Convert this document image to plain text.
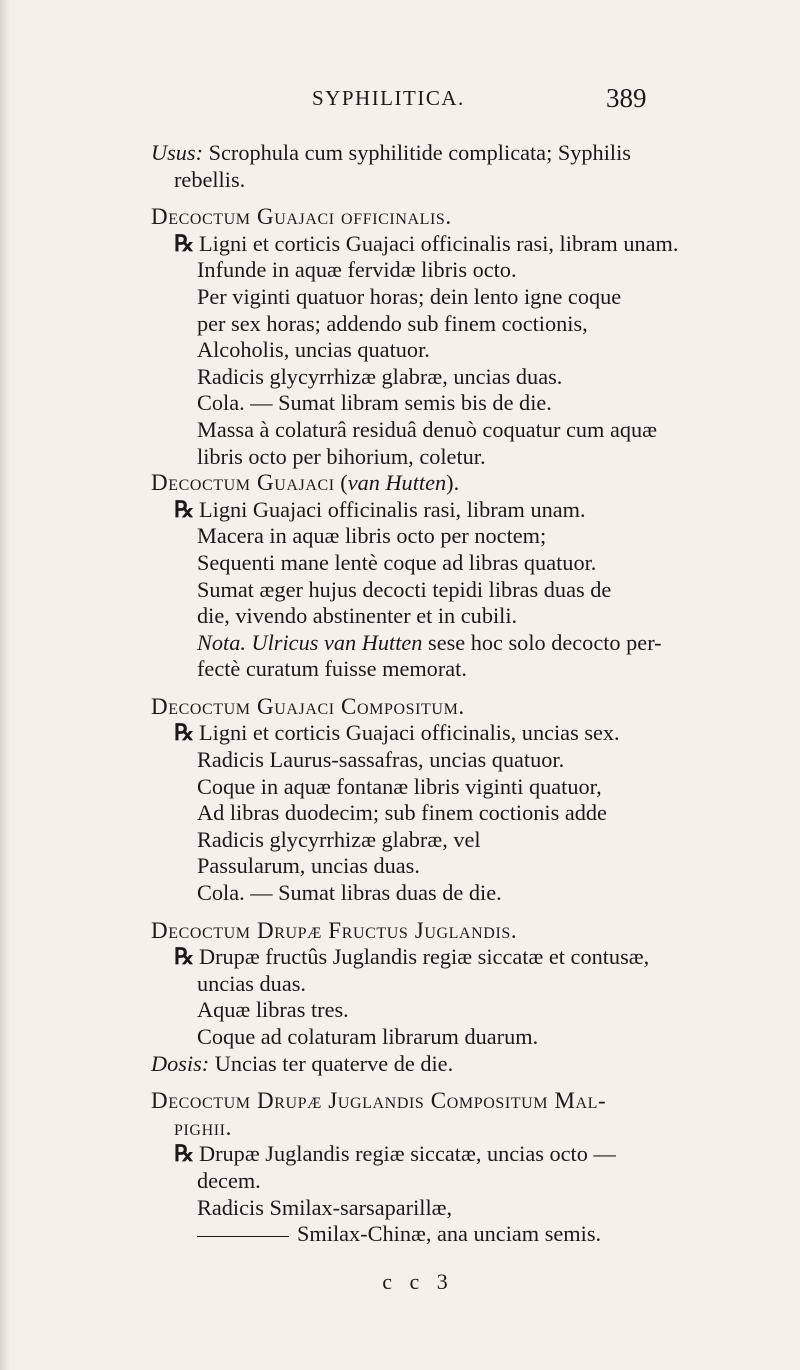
SYPHILITICA.	389
Usus: Scrophula cum syphilitide complicata; Syphilis
rebellis.
Decoctum Guajaci officinalis.
℞ Ligni et corticis Guajaci officinalis rasi, libram unam.
Infunde in aquæ fervidæ libris octo.
Per viginti quatuor horas; dein lento igne coque
per sex horas; addendo sub finem coctionis,
Alcoholis, uncias quatuor.
Radicis glycyrrhizæ glabræ, uncias duas.
Cola. — Sumat libram semis bis de die.
Massa à colaturâ residuâ denuò coquatur cum aquæ
libris octo per bihorium, coletur.
Decoctum Guajaci (van Hutten).
℞ Ligni Guajaci officinalis rasi, libram unam.
Macera in aquæ libris octo per noctem;
Sequenti mane lentè coque ad libras quatuor.
Sumat æger hujus decocti tepidi libras duas de
die, vivendo abstinenter et in cubili.
Nota. Ulricus van Hutten sese hoc solo decocto per-
fectè curatum fuisse memorat.
Decoctum Guajaci Compositum.
℞ Ligni et corticis Guajaci officinalis, uncias sex.
Radicis Laurus-sassafras, uncias quatuor.
Coque in aquæ fontanæ libris viginti quatuor,
Ad libras duodecim; sub finem coctionis adde
Radicis glycyrrhizæ glabræ, vel
Passularum, uncias duas.
Cola. — Sumat libras duas de die.
Decoctum Drupæ Fructus Juglandis.
℞ Drupæ fructûs Juglandis regiæ siccatæ et contusæ,
uncias duas.
Aquæ libras tres.
Coque ad colaturam librarum duarum.
Dosis: Uncias ter quaterve de die.
Decoctum Drupæ Juglandis Compositum Mal-
pighii.
℞ Drupæ Juglandis regiæ siccatæ, uncias octo —
decem.
Radicis Smilax-sarsaparillæ,
Smilax-Chinæ, ana unciam semis.
c c 3
